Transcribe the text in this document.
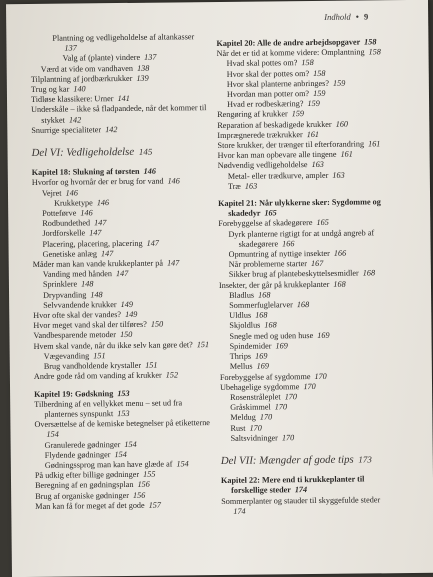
Indhold • 9
Plantning og vedligeholdelse af altankasser 137
Valg af (plante) vindere 137
Værd at vide om vandhaven 138
Tilplantning af jordbærkrukker 139
Trug og kar 140
Tidløse klassikere: Urner 141
Underskåle – ikke så fladpandede, når det kommer til stykket 142
Snurrige specialiteter 142
Del VI: Vedligeholdelse 145
Kapitel 18: Slukning af tørsten 146
Hvorfor og hvornår der er brug for vand 146
Vejret 146
Krukketype 146
Potteførve 146
Rodbundethed 147
Jordforskelle 147
Placering, placering, placering 147
Genetiske anlæg 147
Måder man kan vande krukkeplanter på 147
Vanding med hånden 147
Sprinklere 148
Drypvanding 148
Selvvandende krukker 149
Hvor ofte skal der vandes? 149
Hvor meget vand skal der tilføres? 150
Vandbesparende metoder 150
Hvem skal vande, når du ikke selv kan gøre det? 151
Vægevanding 151
Brug vandholdende krystaller 151
Andre gode råd om vanding af krukker 152
Kapitel 19: Gødskning 153
Tilberdning af en vellykket menu – set ud fra planternes synspunkt 153
Oversættelse af de kemiske betegnelser på etiketterne 154
Granulerede gødninger 154
Flydende gødninger 154
Gødningssprog man kan have glæde af 154
På udkig efter billige gødninger 155
Beregning af en gødningsplan 156
Brug af organiske gødninger 156
Man kan få for meget af det gode 157
Kapitel 20: Alle de andre arbejdsopgaver 158
Når det er tid at komme videre: Omplantning 158
Hvad skal pottes om? 158
Hvor skal der pottes om? 158
Hvor skal planterne anbringes? 159
Hvordan man potter om? 159
Hvad er rodbeskæring? 159
Rengøring af krukker 159
Reparation af beskadigede krukker 160
Imprægnerede trækrukker 161
Store krukker, der trænger til efterforandring 161
Hvor kan man opbevare alle tingene 161
Nødvendig vedligeholdelse 163
Metal- eller trædkurve, ampler 163
Træ 163
Kapitel 21: Når ulykkerne sker: Sygdomme og skadedyr 165
Forebyggelse af skadegørere 165
Dyrk planterne rigtigt for at undgå angreb af skadegørere 166
Opmuntring af nyttige insekter 166
Når problemerne starter 167
Sikker brug af plantebeskyttelsesmidler 168
Insekter, der går på krukkeplanter 168
Bladlus 168
Sommerfuglelarver 168
Uldlus 168
Skjoldlus 168
Snegle med og uden huse 169
Spindemider 169
Thrips 169
Mellus 169
Forebyggelse af sygdomme 170
Ubehagelige sygdomme 170
Rosenstråleplet 170
Gråskimmel 170
Meldug 170
Rust 170
Saltsvidninger 170
Del VII: Mængder af gode tips 173
Kapitel 22: Mere end ti krukkeplanter til forskellige steder 174
Sommerplanter og stauder til skyggefulde steder 174
